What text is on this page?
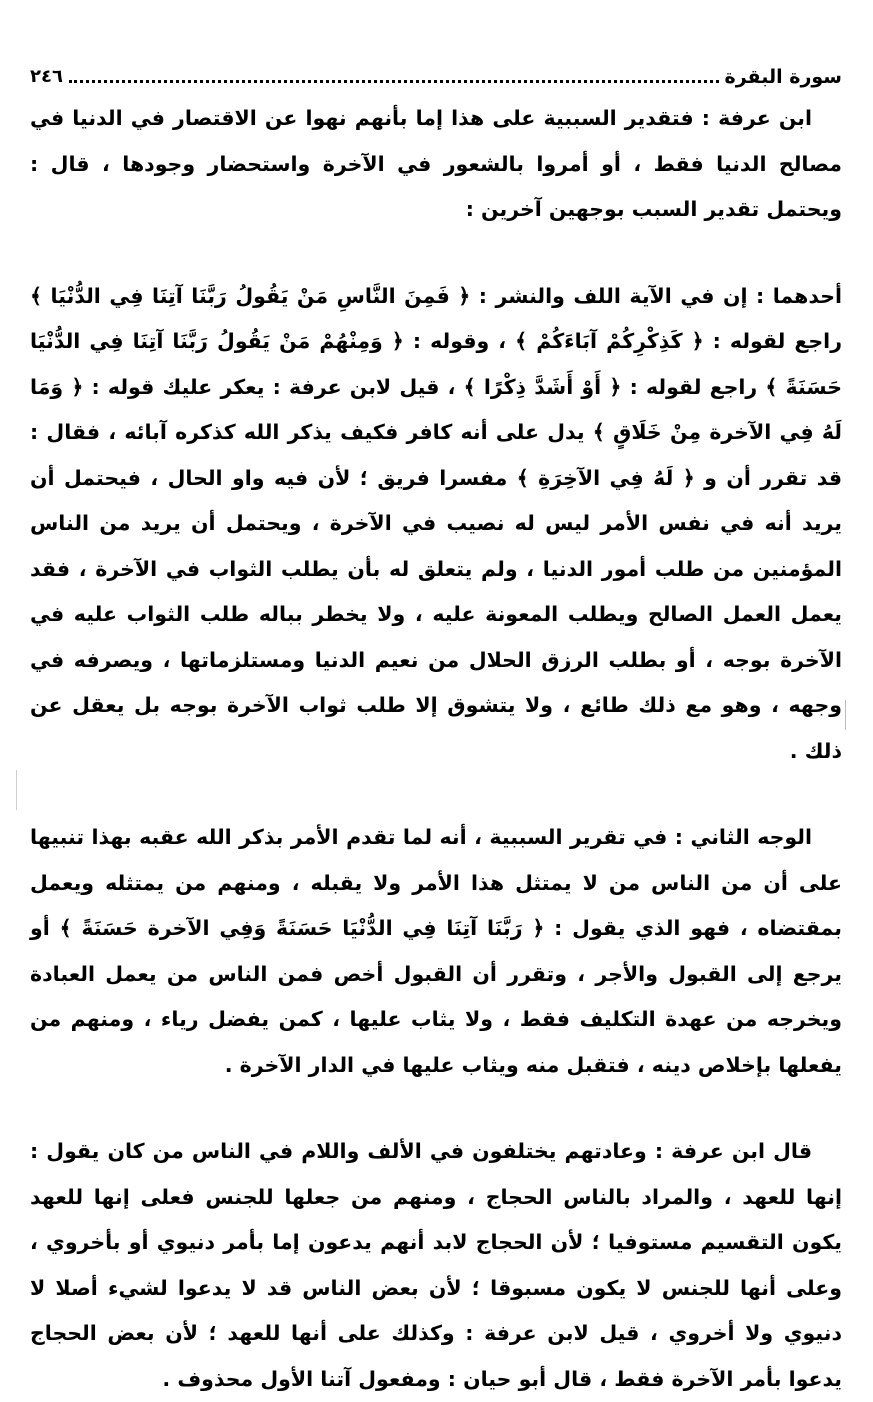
سورة البقرة
٢٤٦

ابن عرفة : فتقدير السببية على هذا إما بأنهم نهوا عن الاقتصار في الدنيا في مصالح الدنيا فقط ، أو أمروا بالشعور في الآخرة واستحضار وجودها ، قال : ويحتمل تقدير السبب بوجهين آخرين :

أحدهما : إن في الآية اللف والنشر : ﴿ فَمِنَ النَّاسِ مَنْ يَقُولُ رَبَّنَا آتِنَا فِي الدُّنْيَا ﴾ راجع لقوله : ﴿ كَذِكْرِكُمْ آبَاءَكُمْ ﴾ ، وقوله : ﴿ وَمِنْهُمْ مَنْ يَقُولُ رَبَّنَا آتِنَا فِي الدُّنْيَا حَسَنَةً ﴾ راجع لقوله : ﴿ أَوْ أَشَدَّ ذِكْرًا ﴾ ، قيل لابن عرفة : يعكر عليك قوله : ﴿ وَمَا لَهُ فِي الآخرة مِنْ خَلَاقٍ ﴾ يدل على أنه كافر فكيف يذكر الله كذكره آبائه ، فقال : قد تقرر أن و ﴿ لَهُ فِي الآخِرَةِ ﴾ مفسرا فريق ؛ لأن فيه واو الحال ، فيحتمل أن يريد أنه في نفس الأمر ليس له نصيب في الآخرة ، ويحتمل أن يريد من الناس المؤمنين من طلب أمور الدنيا ، ولم يتعلق له بأن يطلب الثواب في الآخرة ، فقد يعمل العمل الصالح ويطلب المعونة عليه ، ولا يخطر بباله طلب الثواب عليه في الآخرة بوجه ، أو بطلب الرزق الحلال من نعيم الدنيا ومستلزماتها ، ويصرفه في وجهه ، وهو مع ذلك طائع ، ولا يتشوق إلا طلب ثواب الآخرة بوجه بل يعقل عن ذلك .

الوجه الثاني : في تقرير السببية ، أنه لما تقدم الأمر بذكر الله عقبه بهذا تنبيها على أن من الناس من لا يمتثل هذا الأمر ولا يقبله ، ومنهم من يمتثله ويعمل بمقتضاه ، فهو الذي يقول : ﴿ رَبَّنَا آتِنَا فِي الدُّنْيَا حَسَنَةً وَفِي الآخرة حَسَنَةً ﴾ أو يرجع إلى القبول والأجر ، وتقرر أن القبول أخص فمن الناس من يعمل العبادة ويخرجه من عهدة التكليف فقط ، ولا يثاب عليها ، كمن يفضل رياء ، ومنهم من يفعلها بإخلاص دينه ، فتقبل منه ويثاب عليها في الدار الآخرة .

قال ابن عرفة : وعادتهم يختلفون في الألف واللام في الناس من كان يقول : إنها للعهد ، والمراد بالناس الحجاج ، ومنهم من جعلها للجنس فعلى إنها للعهد يكون التقسيم مستوفيا ؛ لأن الحجاج لابد أنهم يدعون إما بأمر دنيوي أو بأخروي ، وعلى أنها للجنس لا يكون مسبوقا ؛ لأن بعض الناس قد لا يدعوا لشيء أصلا لا دنيوي ولا أخروي ، قيل لابن عرفة : وكذلك على أنها للعهد ؛ لأن بعض الحجاج يدعوا بأمر الآخرة فقط ، قال أبو حيان : ومفعول آتنا الأول محذوف .
